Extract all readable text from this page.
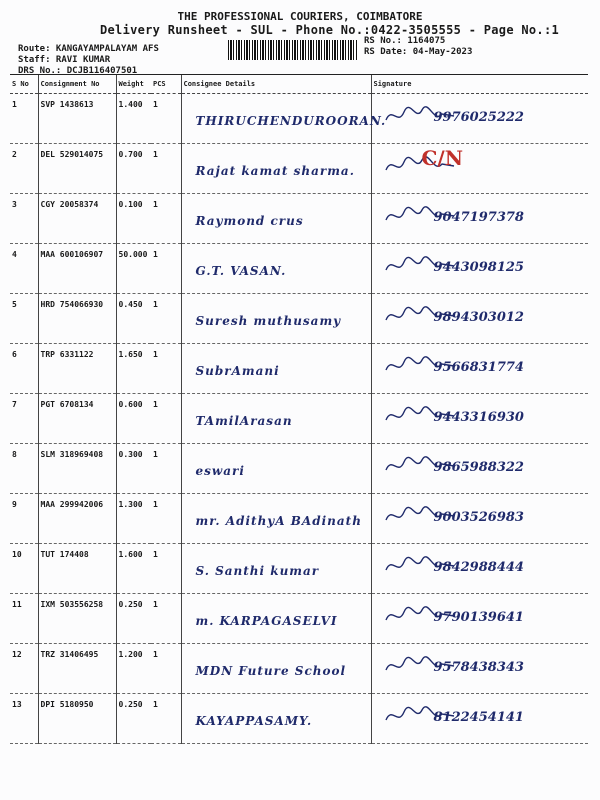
THE PROFESSIONAL COURIERS, COIMBATORE
Delivery Runsheet - SUL - Phone No.:0422-3505555 - Page No.:1
Route: KANGAYAMPALAYAM AFS
Staff: RAVI KUMAR
DRS No.: DCJB116407501
RS No.: 1164075
RS Date: 04-May-2023
S No	Consignment No	Weight	PCS	Consignee Details	Signature
1	SVP 1438613	1.400	1	THIRUCHENDUROORAN.	9976025222

2	DEL 529014075	0.700	1	Rajat kamat sharma.	C/N

3	CGY 20058374	0.100	1	Raymond crus	9047197378

4	MAA 600106907	50.000	1	G.T. VASAN.	9443098125

5	HRD 754066930	0.450	1	Suresh muthusamy	9894303012

6	TRP 6331122	1.650	1	SubrAmani	9566831774

7	PGT 6708134	0.600	1	TAmilArasan	9443316930

8	SLM 318969408	0.300	1	eswari	9865988322

9	MAA 299942006	1.300	1	mr. AdithyA BAdinath	9003526983

10	TUT 174408	1.600	1	S. Santhi kumar	9842988444

11	IXM 503556258	0.250	1	m. KARPAGASELVI	9790139641

12	TRZ 31406495	1.200	1	MDN Future School	9578438343

13	DPI 5180950	0.250	1	KAYAPPASAMY.	8122454141
